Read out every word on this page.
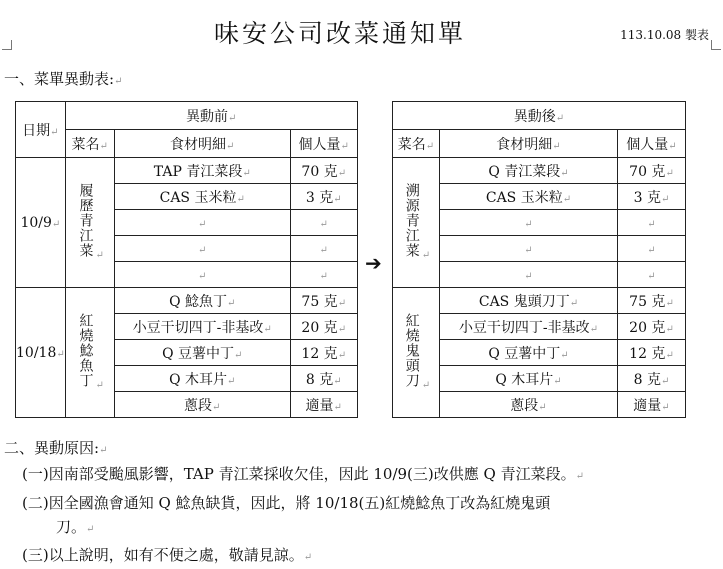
味安公司改菜通知單	113.10.08 製表
一、菜單異動表:↵
日期↵	異動前↵		
	菜名↵	食材明細↵	個人量↵
10/9↵	履歷青江菜 ↵	TAP 青江菜段↵	70 克↵
		CAS 玉米粒↵	3 克↵
		↵	↵
		↵	↵
		↵	↵
10/18↵	紅燒鯰魚丁 ↵	Q 鯰魚丁↵	75 克↵
		小豆干切四丁-非基改↵	20 克↵
		Q 豆薯中丁↵	12 克↵
		Q 木耳片↵	8 克↵
		蔥段↵	適量↵
➔
異動後↵		
菜名↵	食材明細↵	個人量↵
溯源青江菜 ↵	Q 青江菜段↵	70 克↵
	CAS 玉米粒↵	3 克↵
	↵	↵
	↵	↵
	↵	↵
紅燒鬼頭刀 ↵	CAS 鬼頭刀丁↵	75 克↵
	小豆干切四丁-非基改↵	20 克↵
	Q 豆薯中丁↵	12 克↵
	Q 木耳片↵	8 克↵
	蔥段↵	適量↵
二、異動原因:↵
(一)因南部受颱風影響，TAP 青江菜採收欠佳，因此 10/9(三)改供應 Q 青江菜段。↵
(二)因全國漁會通知 Q 鯰魚缺貨，因此，將 10/18(五)紅燒鯰魚丁改為紅燒鬼頭
刀。↵
(三)以上說明，如有不便之處，敬請見諒。↵
